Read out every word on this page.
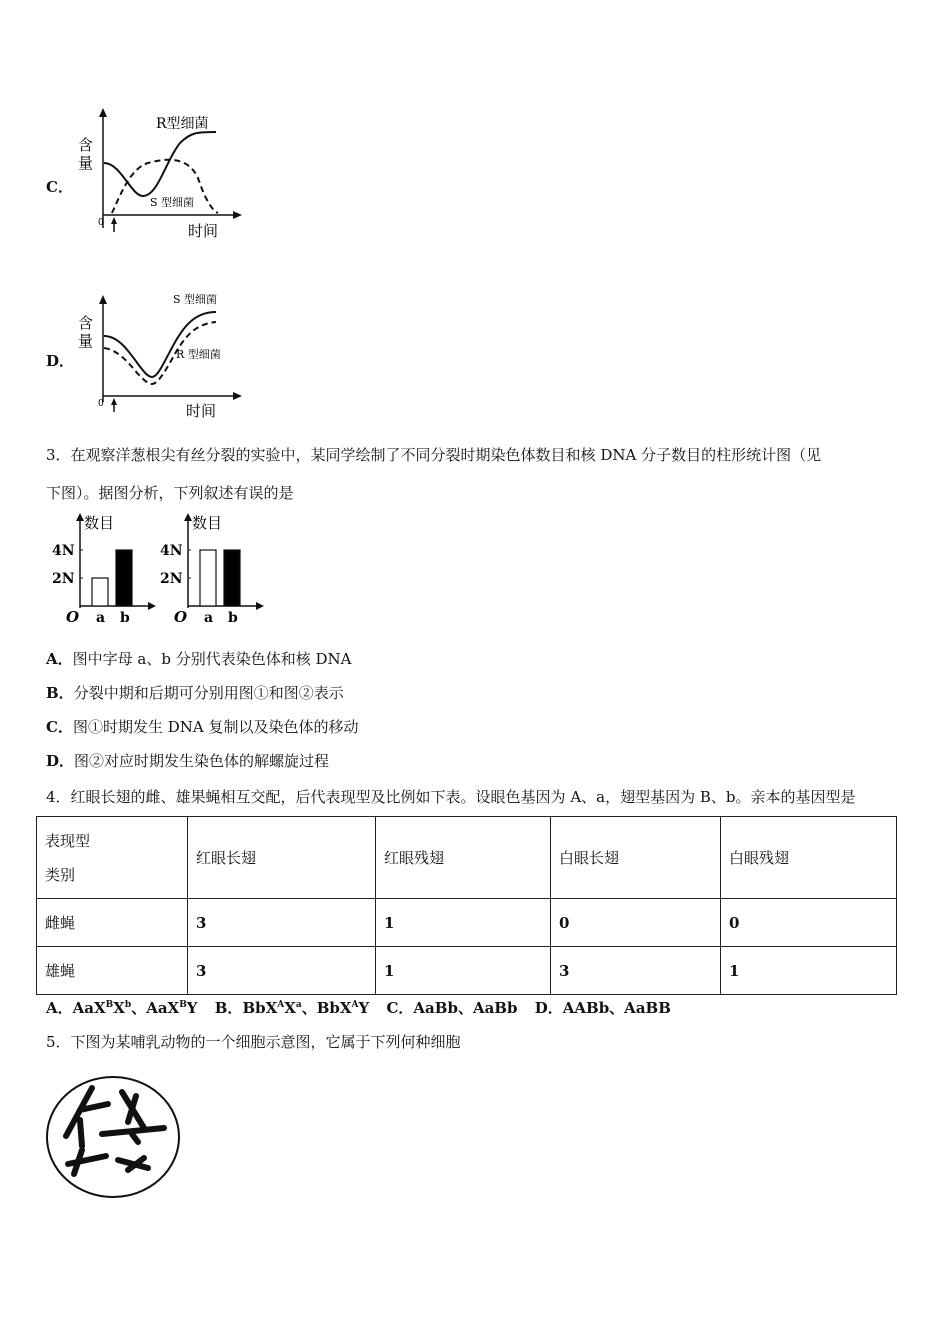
C．
含
量
0	时间
R型细菌
S 型细菌
D．
含
量
0	时间
S 型细菌
R 型细菌
3．在观察洋葱根尖有丝分裂的实验中，某同学绘制了不同分裂时期染色体数目和核 DNA 分子数目的柱形统计图（见
下图）。据图分析，下列叙述有误的是
数目
4N
2N
a b
O
数目
4N
2N
a b
O
A．图中字母 a、b 分别代表染色体和核 DNA
B．分裂中期和后期可分别用图①和图②表示
C．图①时期发生 DNA 复制以及染色体的移动
D．图②对应时期发生染色体的解螺旋过程
4．红眼长翅的雌、雄果蝇相互交配，后代表现型及比例如下表。设眼色基因为 A、a，翅型基因为 B、b。亲本的基因型是
表现型
类别	红眼长翅	红眼残翅	白眼长翅	白眼残翅
雌蝇	3	1	0	0
雄蝇	3	1	3	1
A．$AaX^BX^b$、AaX$^B$Y B．$BbX^AX^a$、BbX$^A$Y C．AaBb、AaBb D．AABb、AaBB
5．下图为某哺乳动物的一个细胞示意图，它属于下列何种细胞
